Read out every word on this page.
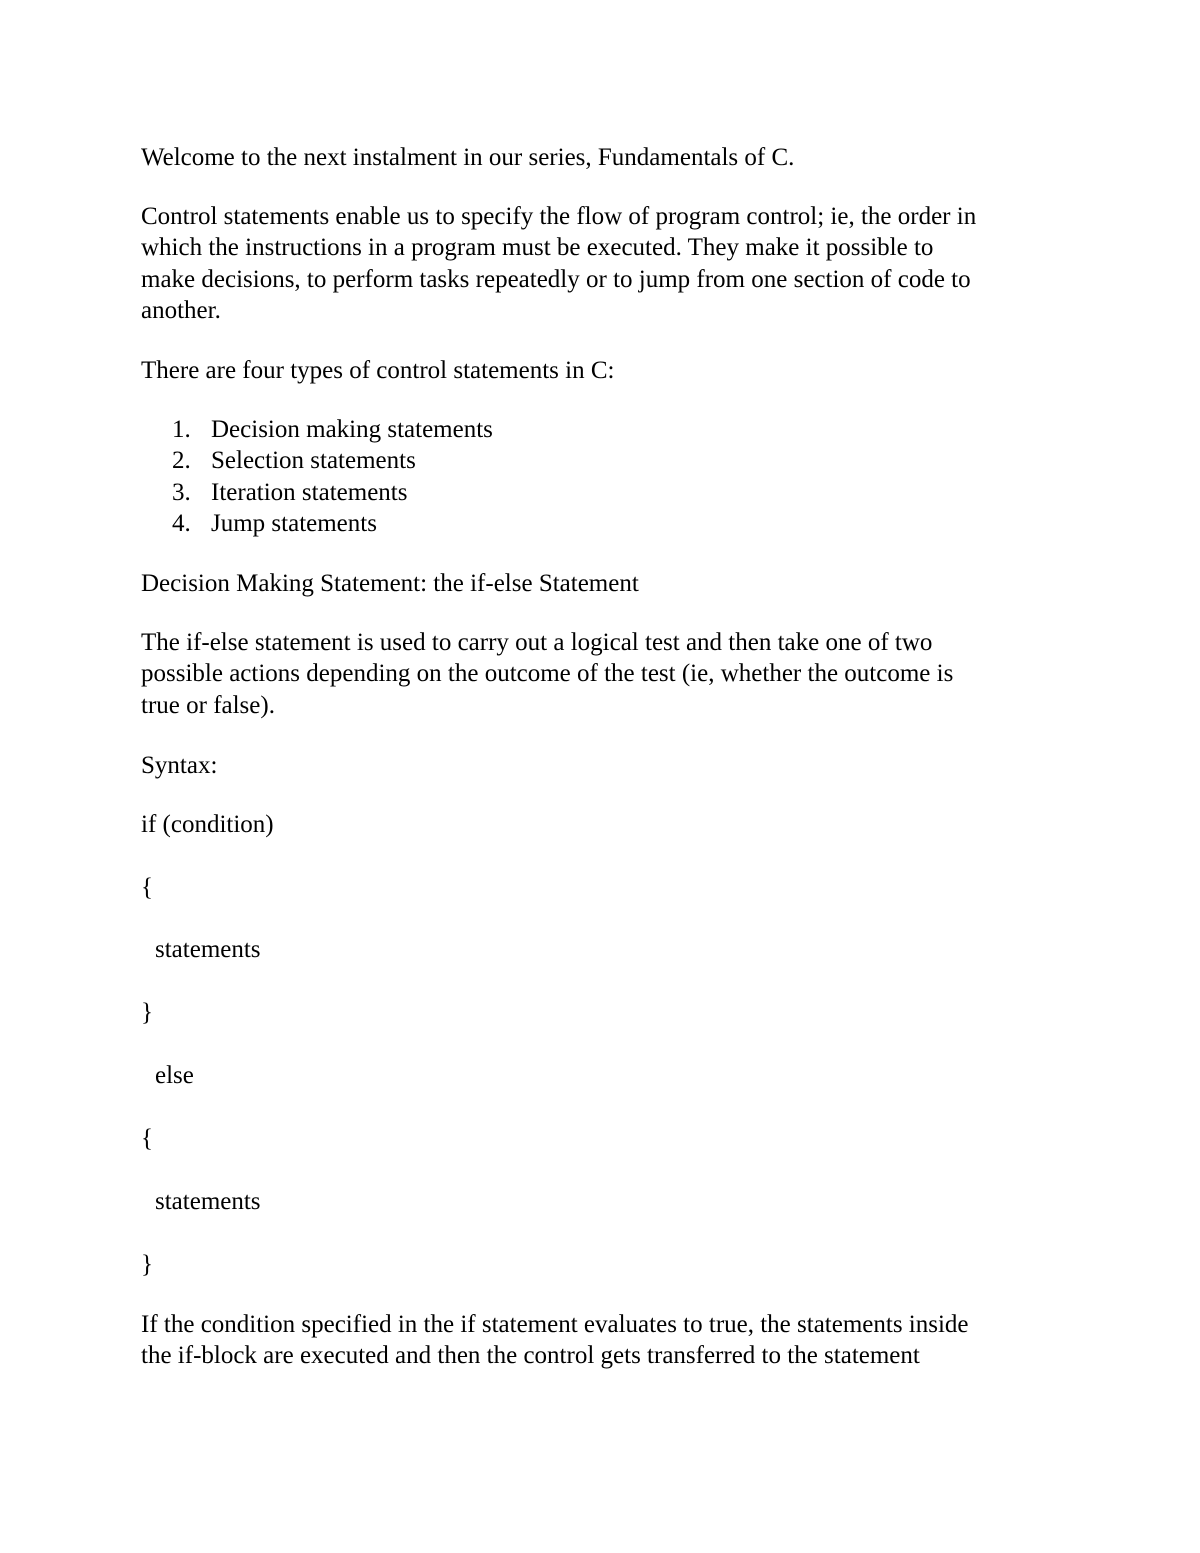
Welcome to the next instalment in our series, Fundamentals of C.

Control statements enable us to specify the flow of program control; ie, the order in

which the instructions in a program must be executed. They make it possible to

make decisions, to perform tasks repeatedly or to jump from one section of code to

another.

There are four types of control statements in C:

1. Decision making statements
2. Selection statements
3. Iteration statements
4. Jump statements

Decision Making Statement: the if-else Statement

The if-else statement is used to carry out a logical test and then take one of two

possible actions depending on the outcome of the test (ie, whether the outcome is

true or false).

Syntax:

if (condition)

{

statements

}

else

{

statements

}

If the condition specified in the if statement evaluates to true, the statements inside

the if-block are executed and then the control gets transferred to the statement
